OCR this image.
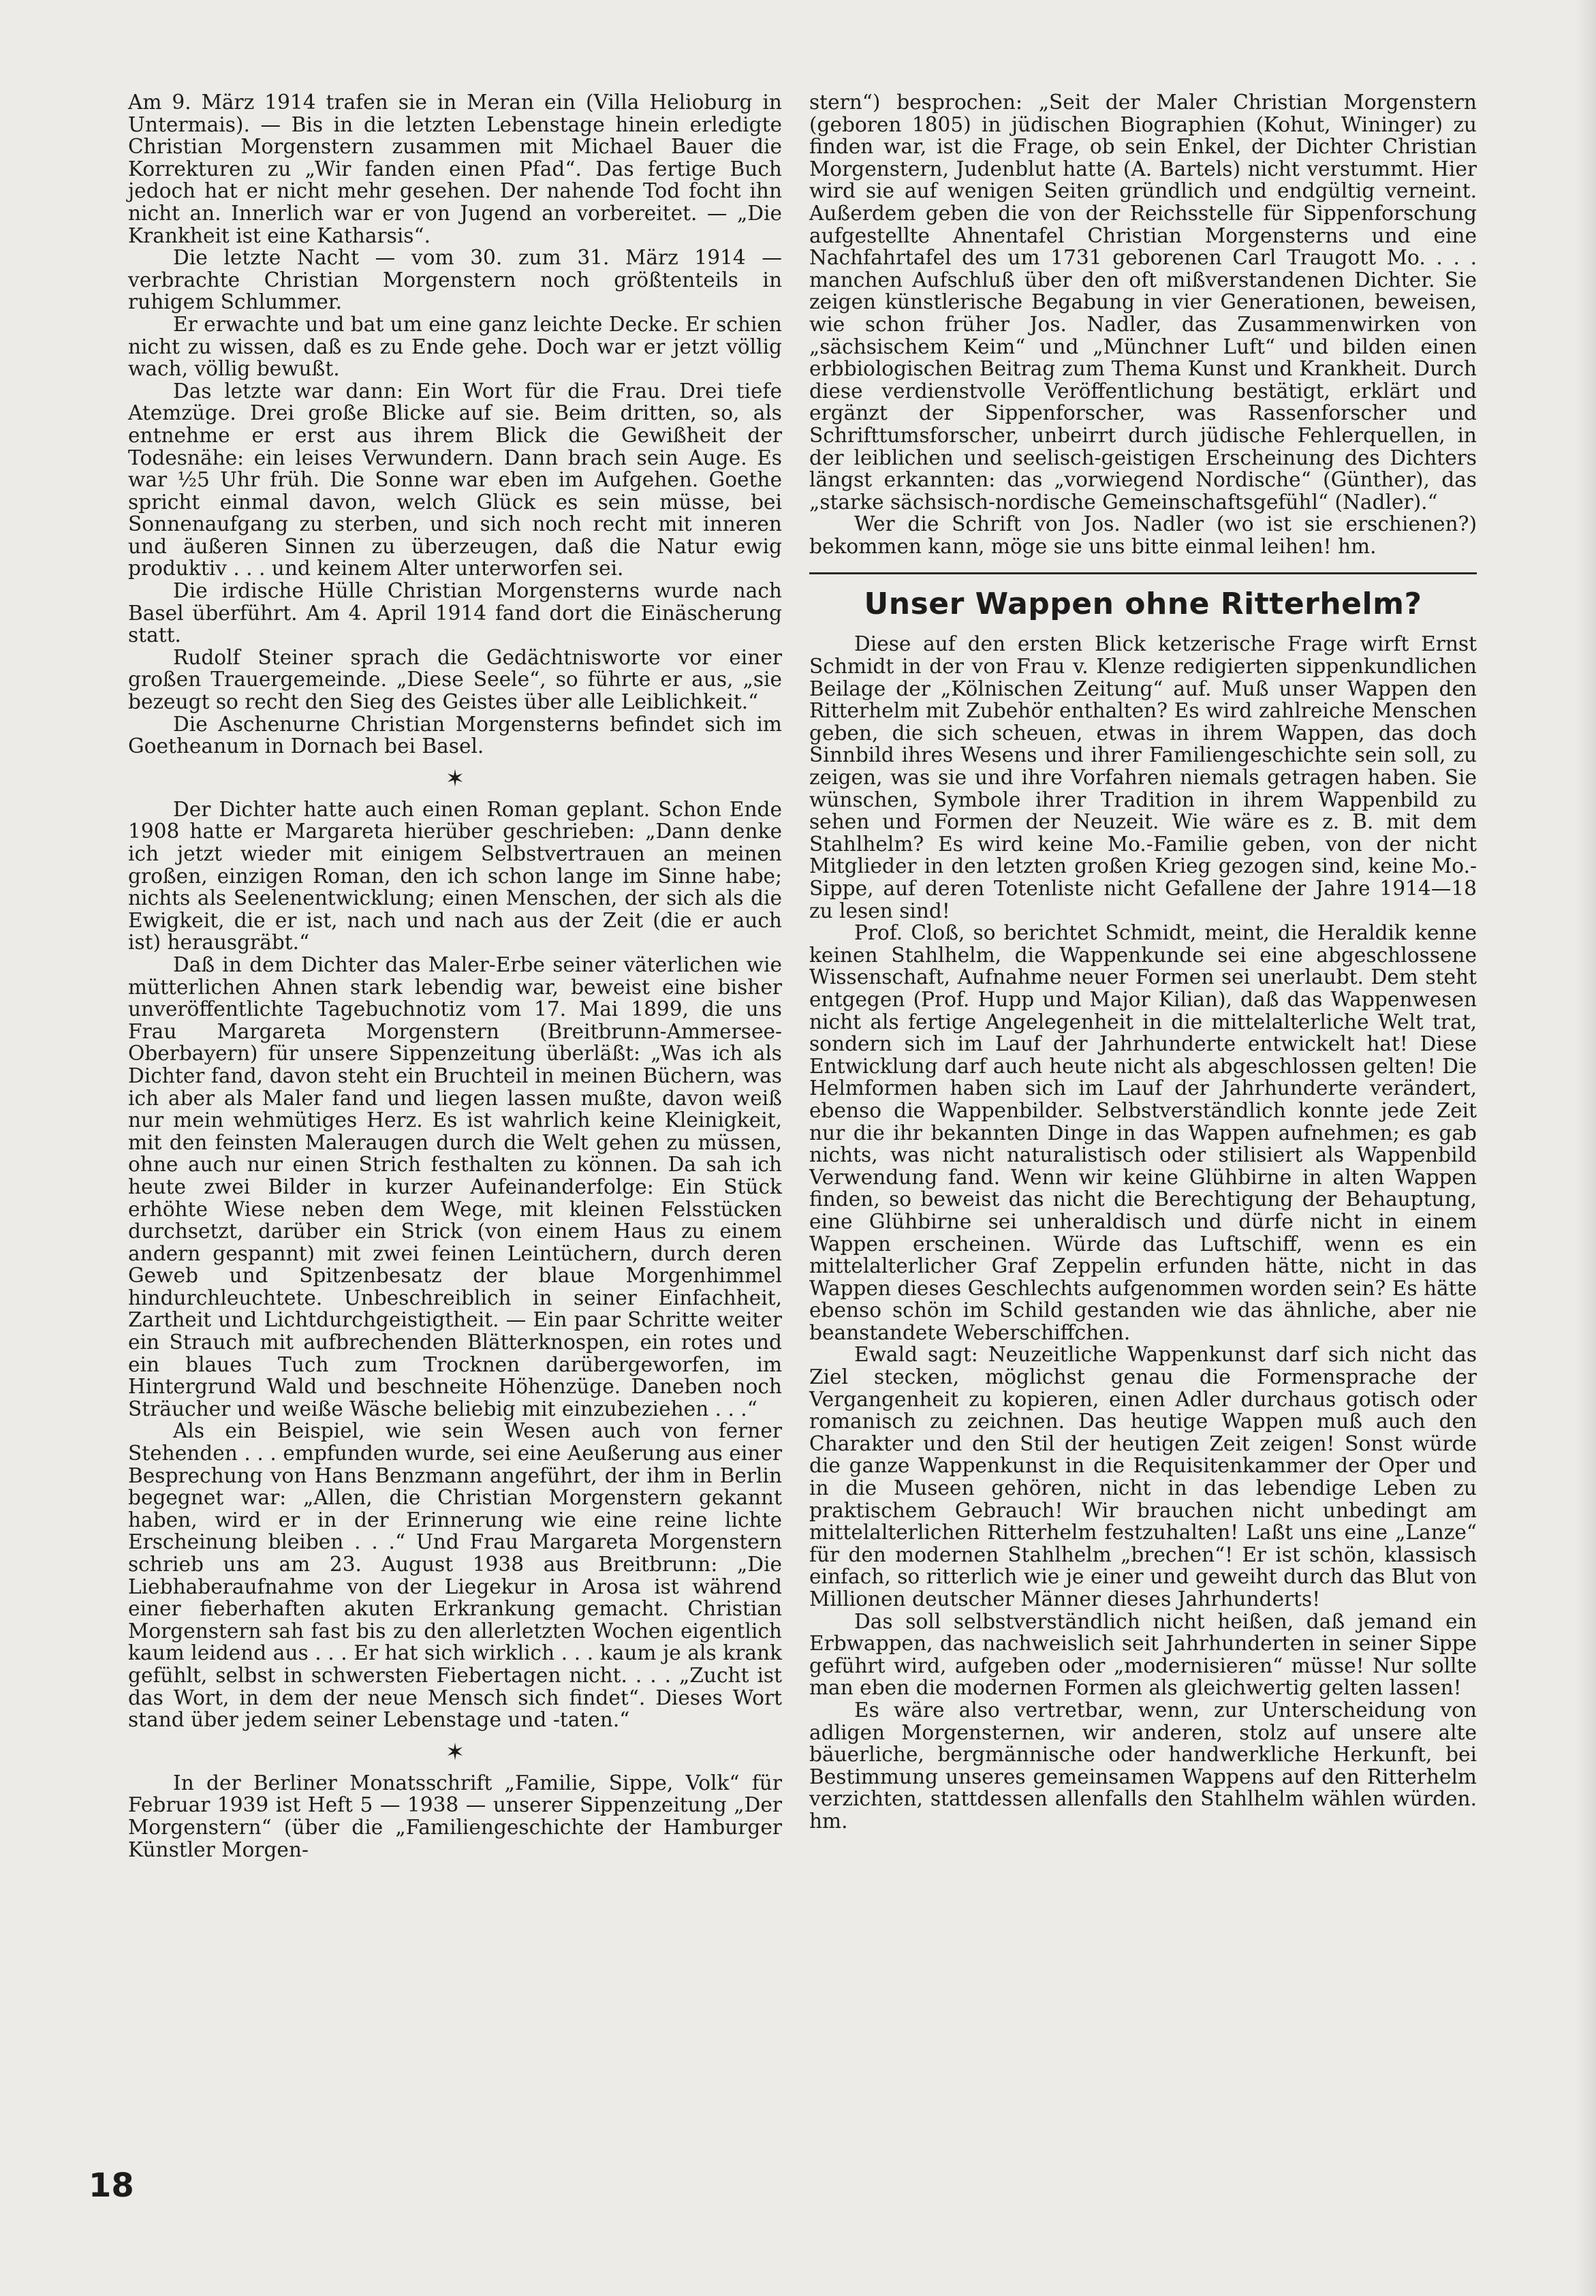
Am 9. März 1914 trafen sie in Meran ein (Villa Helioburg in Untermais). — Bis in die letzten Lebenstage hinein erledigte Christian Morgenstern zusammen mit Michael Bauer die Korrekturen zu „Wir fanden einen Pfad“. Das fertige Buch jedoch hat er nicht mehr gesehen. Der nahende Tod focht ihn nicht an. Innerlich war er von Jugend an vorbereitet. — „Die Krankheit ist eine Katharsis“.

Die letzte Nacht — vom 30. zum 31. März 1914 — verbrachte Christian Morgenstern noch größtenteils in ruhigem Schlummer.

Er erwachte und bat um eine ganz leichte Decke. Er schien nicht zu wissen, daß es zu Ende gehe. Doch war er jetzt völlig wach, völlig bewußt.

Das letzte war dann: Ein Wort für die Frau. Drei tiefe Atemzüge. Drei große Blicke auf sie. Beim dritten, so, als entnehme er erst aus ihrem Blick die Gewißheit der Todesnähe: ein leises Verwundern. Dann brach sein Auge. Es war ½5 Uhr früh. Die Sonne war eben im Aufgehen. Goethe spricht einmal davon, welch Glück es sein müsse, bei Sonnenaufgang zu sterben, und sich noch recht mit inneren und äußeren Sinnen zu überzeugen, daß die Natur ewig produktiv . . . und keinem Alter unterworfen sei.

Die irdische Hülle Christian Morgensterns wurde nach Basel überführt. Am 4. April 1914 fand dort die Einäscherung statt.

Rudolf Steiner sprach die Gedächtnisworte vor einer großen Trauergemeinde. „Diese Seele“, so führte er aus, „sie bezeugt so recht den Sieg des Geistes über alle Leiblichkeit.“

Die Aschenurne Christian Morgensterns befindet sich im Goetheanum in Dornach bei Basel.

✶

Der Dichter hatte auch einen Roman geplant. Schon Ende 1908 hatte er Margareta hierüber geschrieben: „Dann denke ich jetzt wieder mit einigem Selbstvertrauen an meinen großen, einzigen Roman, den ich schon lange im Sinne habe; nichts als Seelenentwicklung; einen Menschen, der sich als die Ewigkeit, die er ist, nach und nach aus der Zeit (die er auch ist) herausgräbt.“

Daß in dem Dichter das Maler-Erbe seiner väterlichen wie mütterlichen Ahnen stark lebendig war, beweist eine bisher unveröffentlichte Tagebuchnotiz vom 17. Mai 1899, die uns Frau Margareta Morgenstern (Breitbrunn-Ammersee-Oberbayern) für unsere Sippenzeitung überläßt: „Was ich als Dichter fand, davon steht ein Bruchteil in meinen Büchern, was ich aber als Maler fand und liegen lassen mußte, davon weiß nur mein wehmütiges Herz. Es ist wahrlich keine Kleinigkeit, mit den feinsten Maleraugen durch die Welt gehen zu müssen, ohne auch nur einen Strich festhalten zu können. Da sah ich heute zwei Bilder in kurzer Aufeinanderfolge: Ein Stück erhöhte Wiese neben dem Wege, mit kleinen Felsstücken durchsetzt, darüber ein Strick (von einem Haus zu einem andern gespannt) mit zwei feinen Leintüchern, durch deren Geweb und Spitzenbesatz der blaue Morgenhimmel hindurchleuchtete. Unbeschreiblich in seiner Einfachheit, Zartheit und Lichtdurchgeistigtheit. — Ein paar Schritte weiter ein Strauch mit aufbrechenden Blätterknospen, ein rotes und ein blaues Tuch zum Trocknen darübergeworfen, im Hintergrund Wald und beschneite Höhenzüge. Daneben noch Sträucher und weiße Wäsche beliebig mit einzubeziehen . . .“

Als ein Beispiel, wie sein Wesen auch von ferner Stehenden . . . empfunden wurde, sei eine Aeußerung aus einer Besprechung von Hans Benzmann angeführt, der ihm in Berlin begegnet war: „Allen, die Christian Morgenstern gekannt haben, wird er in der Erinnerung wie eine reine lichte Erscheinung bleiben . . .“ Und Frau Margareta Morgenstern schrieb uns am 23. August 1938 aus Breitbrunn: „Die Liebhaberaufnahme von der Liegekur in Arosa ist während einer fieberhaften akuten Erkrankung gemacht. Christian Morgenstern sah fast bis zu den allerletzten Wochen eigentlich kaum leidend aus . . . Er hat sich wirklich . . . kaum je als krank gefühlt, selbst in schwersten Fiebertagen nicht. . . . „Zucht ist das Wort, in dem der neue Mensch sich findet“. Dieses Wort stand über jedem seiner Lebenstage und -taten.“

✶

In der Berliner Monatsschrift „Familie, Sippe, Volk“ für Februar 1939 ist Heft 5 — 1938 — unserer Sippenzeitung „Der Morgenstern“ (über die „Familiengeschichte der Hamburger Künstler Morgen-

stern“) besprochen: „Seit der Maler Christian Morgenstern (geboren 1805) in jüdischen Biographien (Kohut, Wininger) zu finden war, ist die Frage, ob sein Enkel, der Dichter Christian Morgenstern, Judenblut hatte (A. Bartels) nicht verstummt. Hier wird sie auf wenigen Seiten gründlich und endgültig verneint. Außerdem geben die von der Reichsstelle für Sippenforschung aufgestellte Ahnentafel Christian Morgensterns und eine Nachfahrtafel des um 1731 geborenen Carl Traugott Mo. . . . manchen Aufschluß über den oft mißverstandenen Dichter. Sie zeigen künstlerische Begabung in vier Generationen, beweisen, wie schon früher Jos. Nadler, das Zusammenwirken von „sächsischem Keim“ und „Münchner Luft“ und bilden einen erbbiologischen Beitrag zum Thema Kunst und Krankheit. Durch diese verdienstvolle Veröffentlichung bestätigt, erklärt und ergänzt der Sippenforscher, was Rassenforscher und Schrifttumsforscher, unbeirrt durch jüdische Fehlerquellen, in der leiblichen und seelisch-geistigen Erscheinung des Dichters längst erkannten: das „vorwiegend Nordische“ (Günther), das „starke sächsisch-nordische Gemeinschaftsgefühl“ (Nadler).“

Wer die Schrift von Jos. Nadler (wo ist sie erschienen?) bekommen kann, möge sie uns bitte einmal leihen! hm.

Unser Wappen ohne Ritterhelm?

Diese auf den ersten Blick ketzerische Frage wirft Ernst Schmidt in der von Frau v. Klenze redigierten sippenkundlichen Beilage der „Kölnischen Zeitung“ auf. Muß unser Wappen den Ritterhelm mit Zubehör enthalten? Es wird zahlreiche Menschen geben, die sich scheuen, etwas in ihrem Wappen, das doch Sinnbild ihres Wesens und ihrer Familiengeschichte sein soll, zu zeigen, was sie und ihre Vorfahren niemals getragen haben. Sie wünschen, Symbole ihrer Tradition in ihrem Wappenbild zu sehen und Formen der Neuzeit. Wie wäre es z. B. mit dem Stahlhelm? Es wird keine Mo.-Familie geben, von der nicht Mitglieder in den letzten großen Krieg gezogen sind, keine Mo.-Sippe, auf deren Totenliste nicht Gefallene der Jahre 1914—18 zu lesen sind!

Prof. Cloß, so berichtet Schmidt, meint, die Heraldik kenne keinen Stahlhelm, die Wappenkunde sei eine abgeschlossene Wissenschaft, Aufnahme neuer Formen sei unerlaubt. Dem steht entgegen (Prof. Hupp und Major Kilian), daß das Wappenwesen nicht als fertige Angelegenheit in die mittelalterliche Welt trat, sondern sich im Lauf der Jahrhunderte entwickelt hat! Diese Entwicklung darf auch heute nicht als abgeschlossen gelten! Die Helmformen haben sich im Lauf der Jahrhunderte verändert, ebenso die Wappenbilder. Selbstverständlich konnte jede Zeit nur die ihr bekannten Dinge in das Wappen aufnehmen; es gab nichts, was nicht naturalistisch oder stilisiert als Wappenbild Verwendung fand. Wenn wir keine Glühbirne in alten Wappen finden, so beweist das nicht die Berechtigung der Behauptung, eine Glühbirne sei unheraldisch und dürfe nicht in einem Wappen erscheinen. Würde das Luftschiff, wenn es ein mittelalterlicher Graf Zeppelin erfunden hätte, nicht in das Wappen dieses Geschlechts aufgenommen worden sein? Es hätte ebenso schön im Schild gestanden wie das ähnliche, aber nie beanstandete Weberschiffchen.

Ewald sagt: Neuzeitliche Wappenkunst darf sich nicht das Ziel stecken, möglichst genau die Formensprache der Vergangenheit zu kopieren, einen Adler durchaus gotisch oder romanisch zu zeichnen. Das heutige Wappen muß auch den Charakter und den Stil der heutigen Zeit zeigen! Sonst würde die ganze Wappenkunst in die Requisitenkammer der Oper und in die Museen gehören, nicht in das lebendige Leben zu praktischem Gebrauch! Wir brauchen nicht unbedingt am mittelalterlichen Ritterhelm festzuhalten! Laßt uns eine „Lanze“ für den modernen Stahlhelm „brechen“! Er ist schön, klassisch einfach, so ritterlich wie je einer und geweiht durch das Blut von Millionen deutscher Männer dieses Jahrhunderts!

Das soll selbstverständlich nicht heißen, daß jemand ein Erbwappen, das nachweislich seit Jahrhunderten in seiner Sippe geführt wird, aufgeben oder „modernisieren“ müsse! Nur sollte man eben die modernen Formen als gleichwertig gelten lassen!

Es wäre also vertretbar, wenn, zur Unterscheidung von adligen Morgensternen, wir anderen, stolz auf unsere alte bäuerliche, bergmännische oder handwerkliche Herkunft, bei Bestimmung unseres gemeinsamen Wappens auf den Ritterhelm verzichten, stattdessen allenfalls den Stahlhelm wählen würden. hm.

18
